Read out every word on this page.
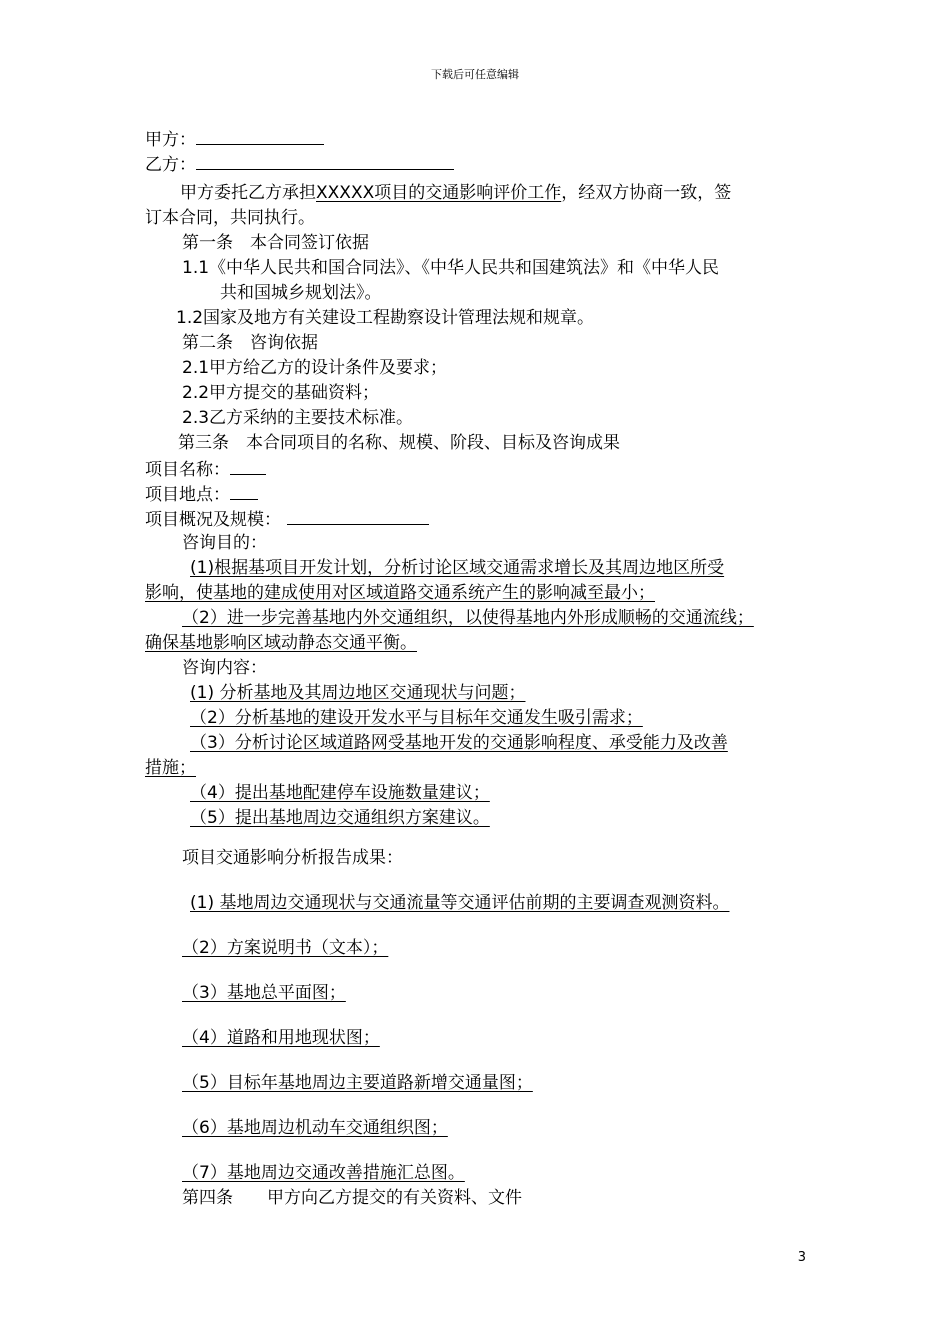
下载后可任意编辑
甲方：
乙方：
甲方委托乙方承担XXXXX项目的交通影响评价工作，经双方协商一致，签
订本合同，共同执行。
第一条　本合同签订依据
1.1《中华人民共和国合同法》、《中华人民共和国建筑法》和《中华人民
共和国城乡规划法》。
1.2国家及地方有关建设工程勘察设计管理法规和规章。
第二条　咨询依据
2.1甲方给乙方的设计条件及要求；
2.2甲方提交的基础资料；
2.3乙方采纳的主要技术标准。
第三条　本合同项目的名称、规模、阶段、目标及咨询成果
项目名称：
项目地点：
项目概况及规模：
咨询目的：
(1)根据基项目开发计划，分析讨论区域交通需求增长及其周边地区所受
影响，使基地的建成使用对区域道路交通系统产生的影响减至最小；
（2）进一步完善基地内外交通组织，以使得基地内外形成顺畅的交通流线；
确保基地影响区域动静态交通平衡。
咨询内容：
(1) 分析基地及其周边地区交通现状与问题；
（2）分析基地的建设开发水平与目标年交通发生吸引需求；
（3）分析讨论区域道路网受基地开发的交通影响程度、承受能力及改善
措施；
（4）提出基地配建停车设施数量建议；
（5）提出基地周边交通组织方案建议。
项目交通影响分析报告成果：
(1) 基地周边交通现状与交通流量等交通评估前期的主要调查观测资料。
（2）方案说明书（文本）；
（3）基地总平面图；
（4）道路和用地现状图；
（5）目标年基地周边主要道路新增交通量图；
（6）基地周边机动车交通组织图；
（7）基地周边交通改善措施汇总图。
第四条　　甲方向乙方提交的有关资料、文件
3
